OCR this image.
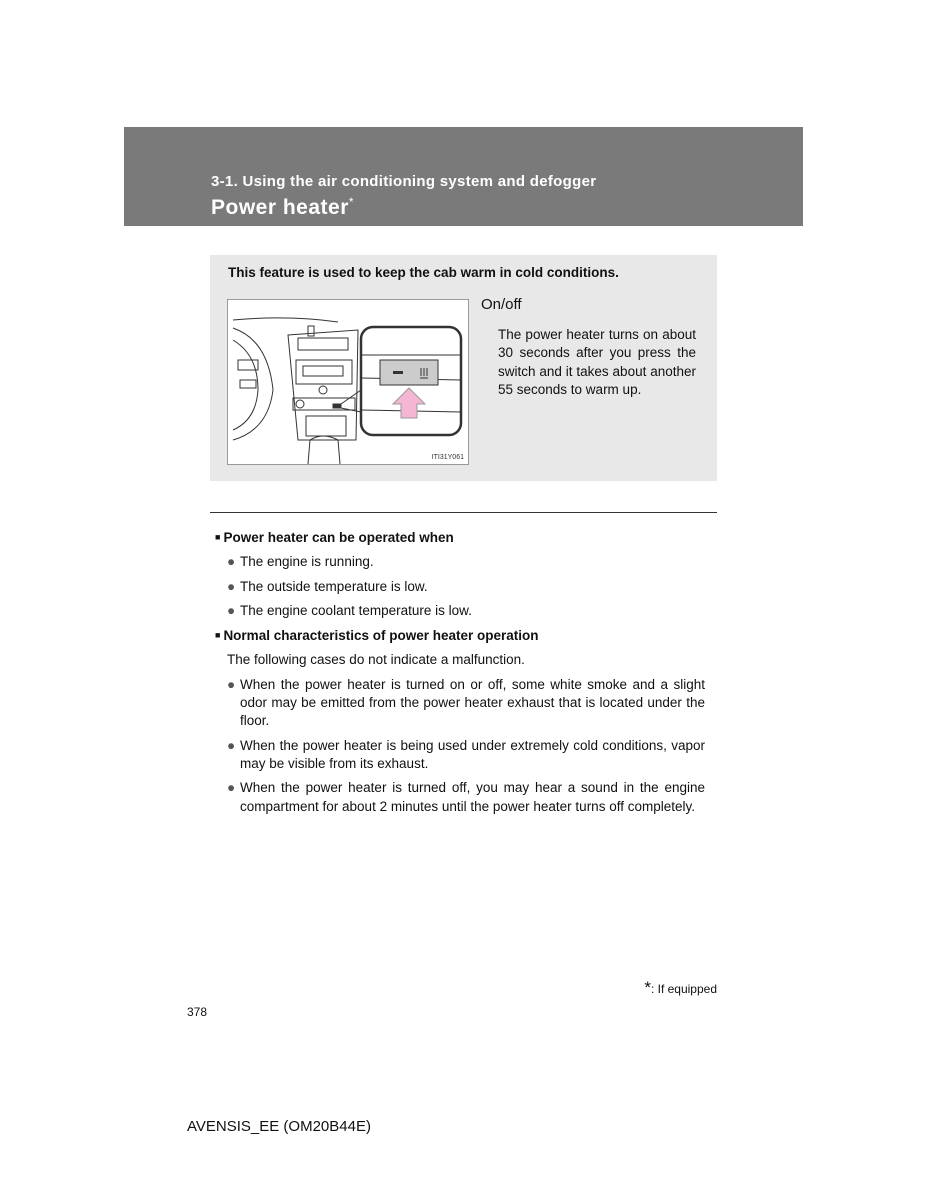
3-1. Using the air conditioning system and defogger
Power heater*
This feature is used to keep the cab warm in cold conditions.
ITI31Y061
On/off
The power heater turns on about 30 seconds after you press the switch and it takes about another 55 seconds to warm up.
■ Power heater can be operated when
● The engine is running.
● The outside temperature is low.
● The engine coolant temperature is low.
■ Normal characteristics of power heater operation
The following cases do not indicate a malfunction.
● When the power heater is turned on or off, some white smoke and a slight odor may be emitted from the power heater exhaust that is located under the floor.
● When the power heater is being used under extremely cold conditions, vapor may be visible from its exhaust.
● When the power heater is turned off, you may hear a sound in the engine compartment for about 2 minutes until the power heater turns off completely.
*: If equipped
378
AVENSIS_EE (OM20B44E)
